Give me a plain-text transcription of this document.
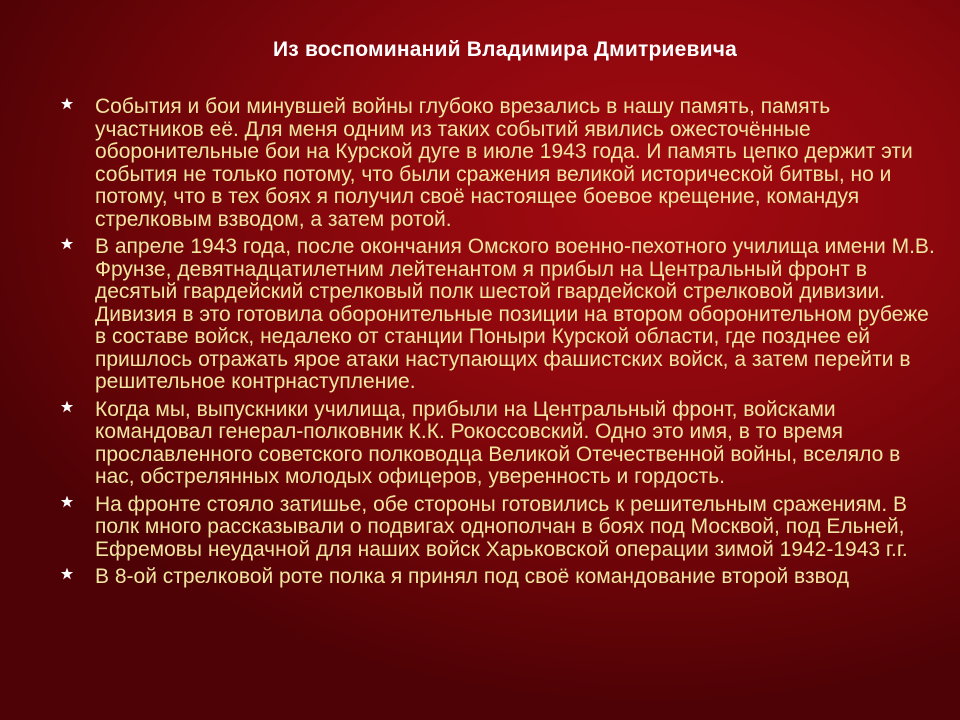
Из воспоминаний Владимира Дмитриевича
События и бои минувшей войны глубоко врезались в нашу память, память участников её. Для меня одним из таких событий явились ожесточённые оборонительные бои на Курской дуге в июле 1943 года. И память цепко держит эти события не только потому, что были сражения великой исторической битвы, но и потому, что в тех боях я получил своё настоящее боевое крещение, командуя стрелковым взводом, а затем ротой.
В апреле 1943 года, после окончания Омского военно-пехотного училища имени М.В. Фрунзе, девятнадцатилетним лейтенантом я прибыл на Центральный фронт в десятый гвардейский стрелковый полк шестой гвардейской стрелковой дивизии. Дивизия в это готовила оборонительные позиции на втором оборонительном рубеже в составе войск, недалеко от станции Поныри Курской области, где позднее ей пришлось отражать ярое атаки наступающих фашистских войск, а затем перейти в решительное контрнаступление.
Когда мы, выпускники училища, прибыли на Центральный фронт, войсками командовал генерал-полковник К.К. Рокоссовский. Одно это имя, в то время прославленного советского полководца Великой Отечественной войны, вселяло в нас, обстрелянных молодых офицеров, уверенность и гордость.
На фронте стояло затишье, обе стороны готовились к решительным сражениям. В полк много рассказывали о подвигах однополчан в боях под Москвой, под Ельней, Ефремовы неудачной для наших войск Харьковской операции зимой 1942-1943 г.г.
В 8-ой стрелковой роте полка я принял под своё командование второй взвод
